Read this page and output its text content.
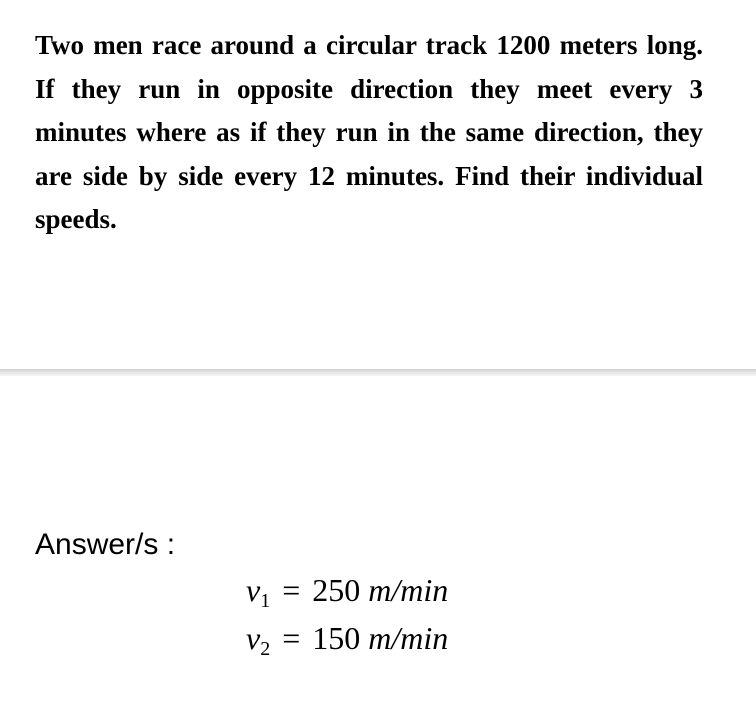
Two men race around a circular track 1200 meters long. If they run in opposite direction they meet every 3 minutes where as if they run in the same direction, they are side by side every 12 minutes. Find their individual speeds.

Answer/s :

$v_1 = 250$ m/min
$v_2 = 150$ m/min
